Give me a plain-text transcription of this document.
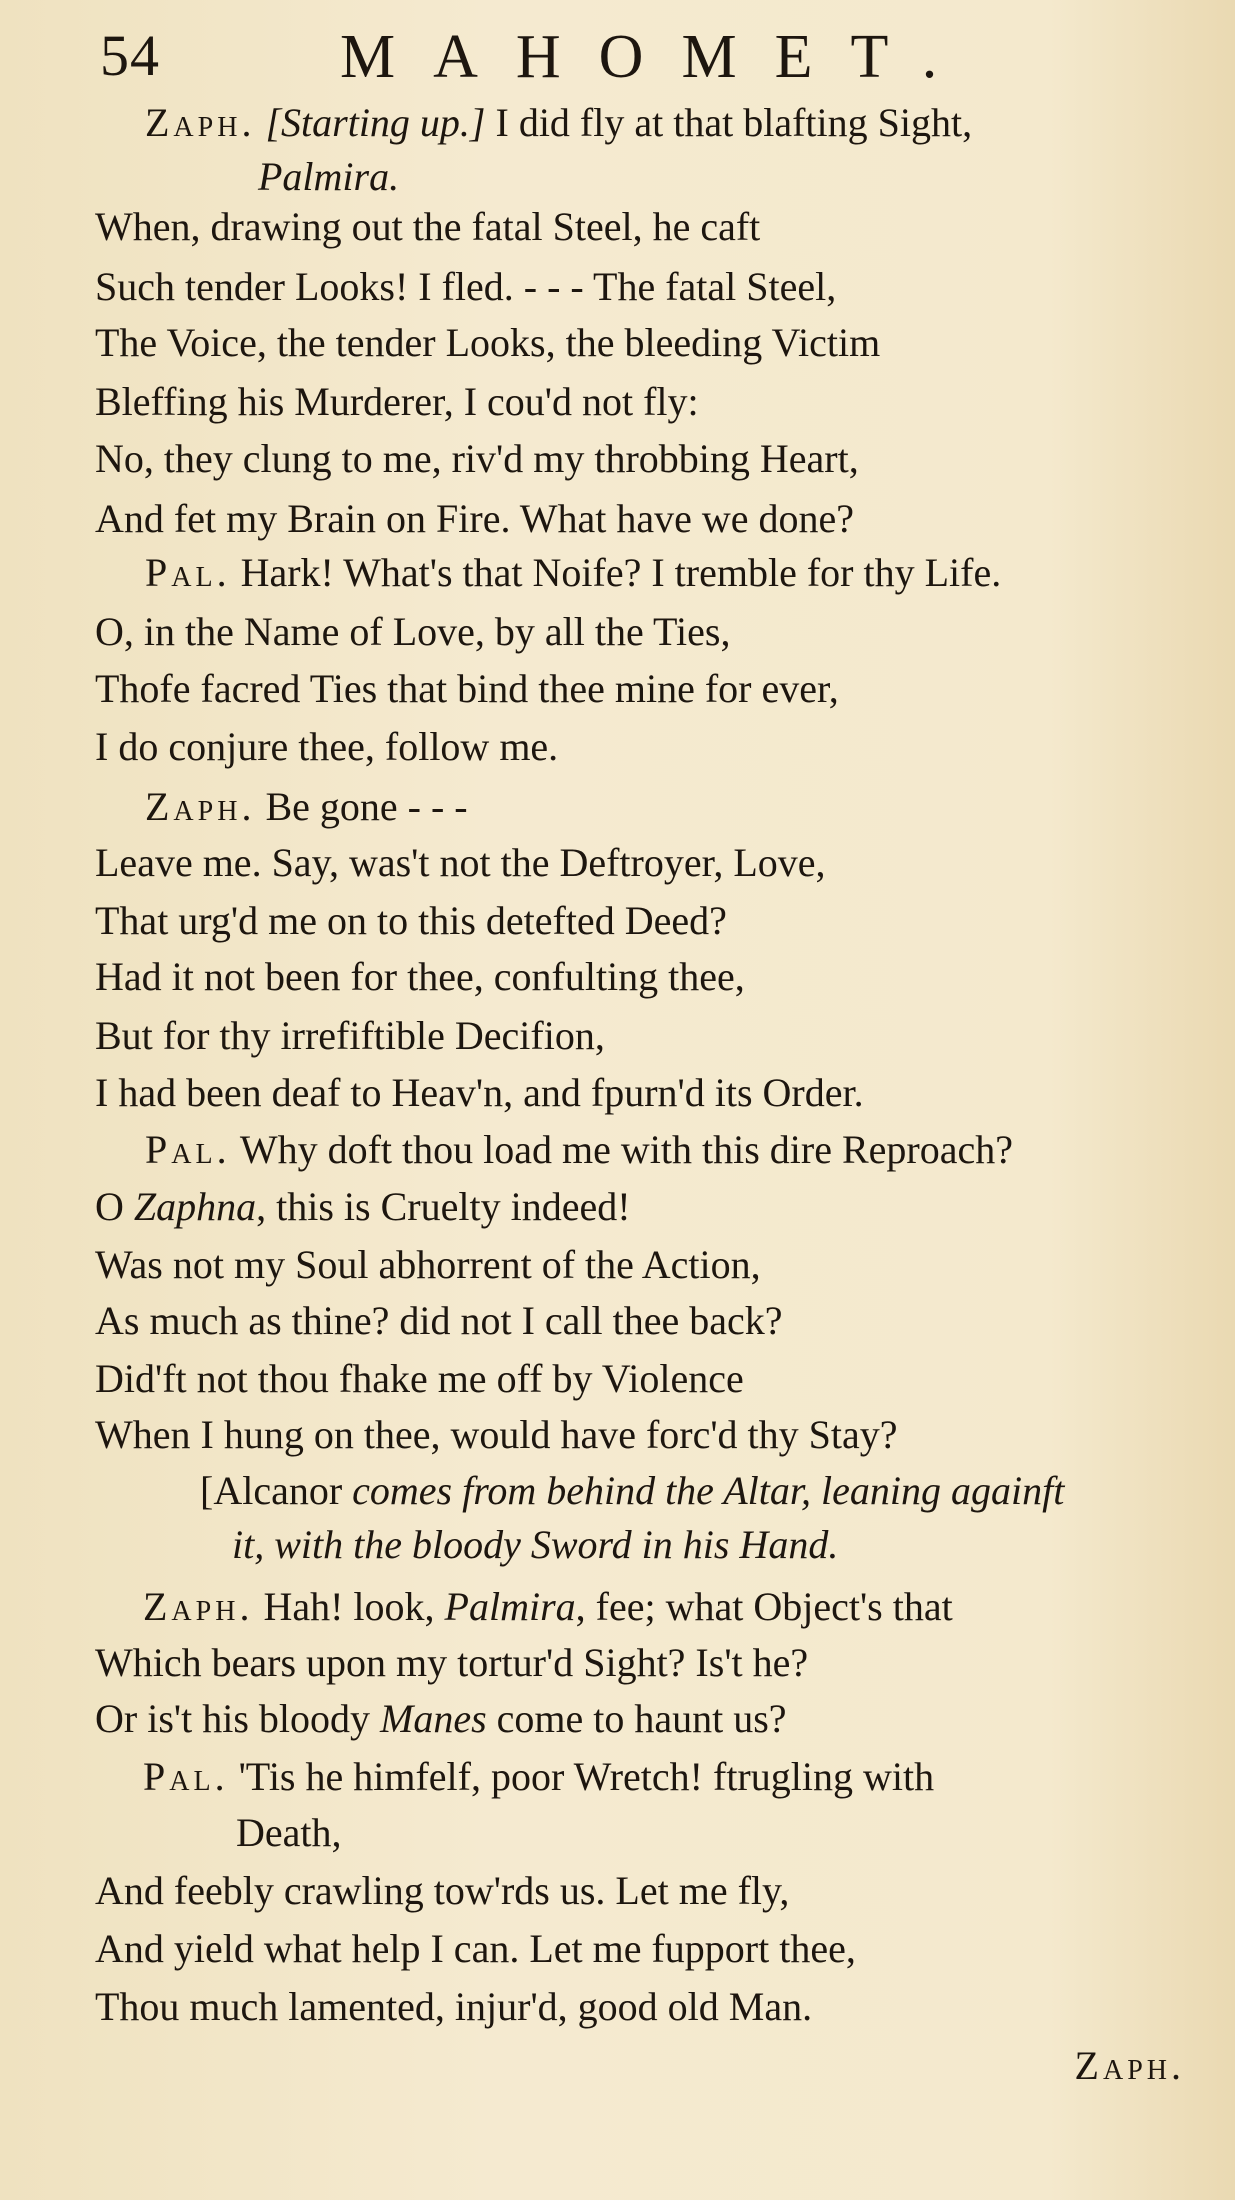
54	MAHOMET.
Zaph. [Starting up.] I did fly at that blafting Sight,
Palmira.
When, drawing out the fatal Steel, he caft
Such tender Looks! I fled. - - - The fatal Steel,
The Voice, the tender Looks, the bleeding Victim
Bleffing his Murderer, I cou'd not fly:
No, they clung to me, riv'd my throbbing Heart,
And fet my Brain on Fire. What have we done?
Pal. Hark! What's that Noife? I tremble for thy Life.
O, in the Name of Love, by all the Ties,
Thofe facred Ties that bind thee mine for ever,
I do conjure thee, follow me.
Zaph. Be gone - - -
Leave me. Say, was't not the Deftroyer, Love,
That urg'd me on to this detefted Deed?
Had it not been for thee, confulting thee,
But for thy irrefiftible Decifion,
I had been deaf to Heav'n, and fpurn'd its Order.
Pal. Why doft thou load me with this dire Reproach?
O Zaphna, this is Cruelty indeed!
Was not my Soul abhorrent of the Action,
As much as thine? did not I call thee back?
Did'ft not thou fhake me off by Violence
When I hung on thee, would have forc'd thy Stay?
[Alcanor comes from behind the Altar, leaning againft
it, with the bloody Sword in his Hand.
Zaph. Hah! look, Palmira, fee; what Object's that
Which bears upon my tortur'd Sight? Is't he?
Or is't his bloody Manes come to haunt us?
Pal. 'Tis he himfelf, poor Wretch! ftrugling with
Death,
And feebly crawling tow'rds us. Let me fly,
And yield what help I can. Let me fupport thee,
Thou much lamented, injur'd, good old Man.
Zaph.
